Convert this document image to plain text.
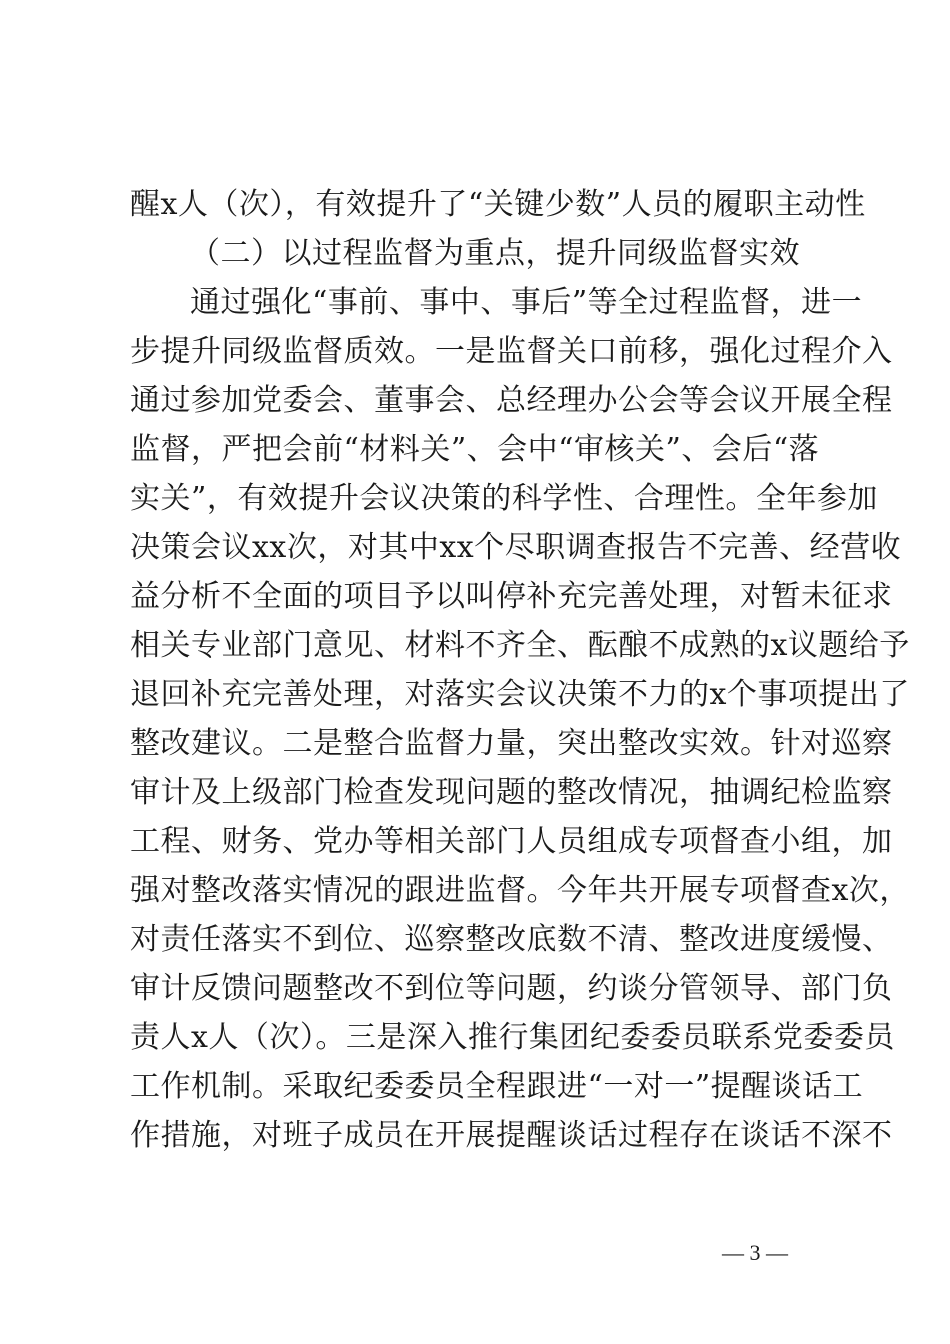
醒x人（次），有效提升了“关键少数”人员的履职主动性
（二）以过程监督为重点，提升同级监督实效
通过强化“事前、事中、事后”等全过程监督，进一
步提升同级监督质效。一是监督关口前移，强化过程介入
通过参加党委会、董事会、总经理办公会等会议开展全程
监督，严把会前“材料关”、会中“审核关”、会后“落
实关”，有效提升会议决策的科学性、合理性。全年参加
决策会议xx次，对其中xx个尽职调查报告不完善、经营收
益分析不全面的项目予以叫停补充完善处理，对暂未征求
相关专业部门意见、材料不齐全、酝酿不成熟的x议题给予
退回补充完善处理，对落实会议决策不力的x个事项提出了
整改建议。二是整合监督力量，突出整改实效。针对巡察
审计及上级部门检查发现问题的整改情况，抽调纪检监察
工程、财务、党办等相关部门人员组成专项督查小组，加
强对整改落实情况的跟进监督。今年共开展专项督查x次，
对责任落实不到位、巡察整改底数不清、整改进度缓慢、
审计反馈问题整改不到位等问题，约谈分管领导、部门负
责人x人（次）。三是深入推行集团纪委委员联系党委委员
工作机制。采取纪委委员全程跟进“一对一”提醒谈话工
作措施，对班子成员在开展提醒谈话过程存在谈话不深不
— 3 —
